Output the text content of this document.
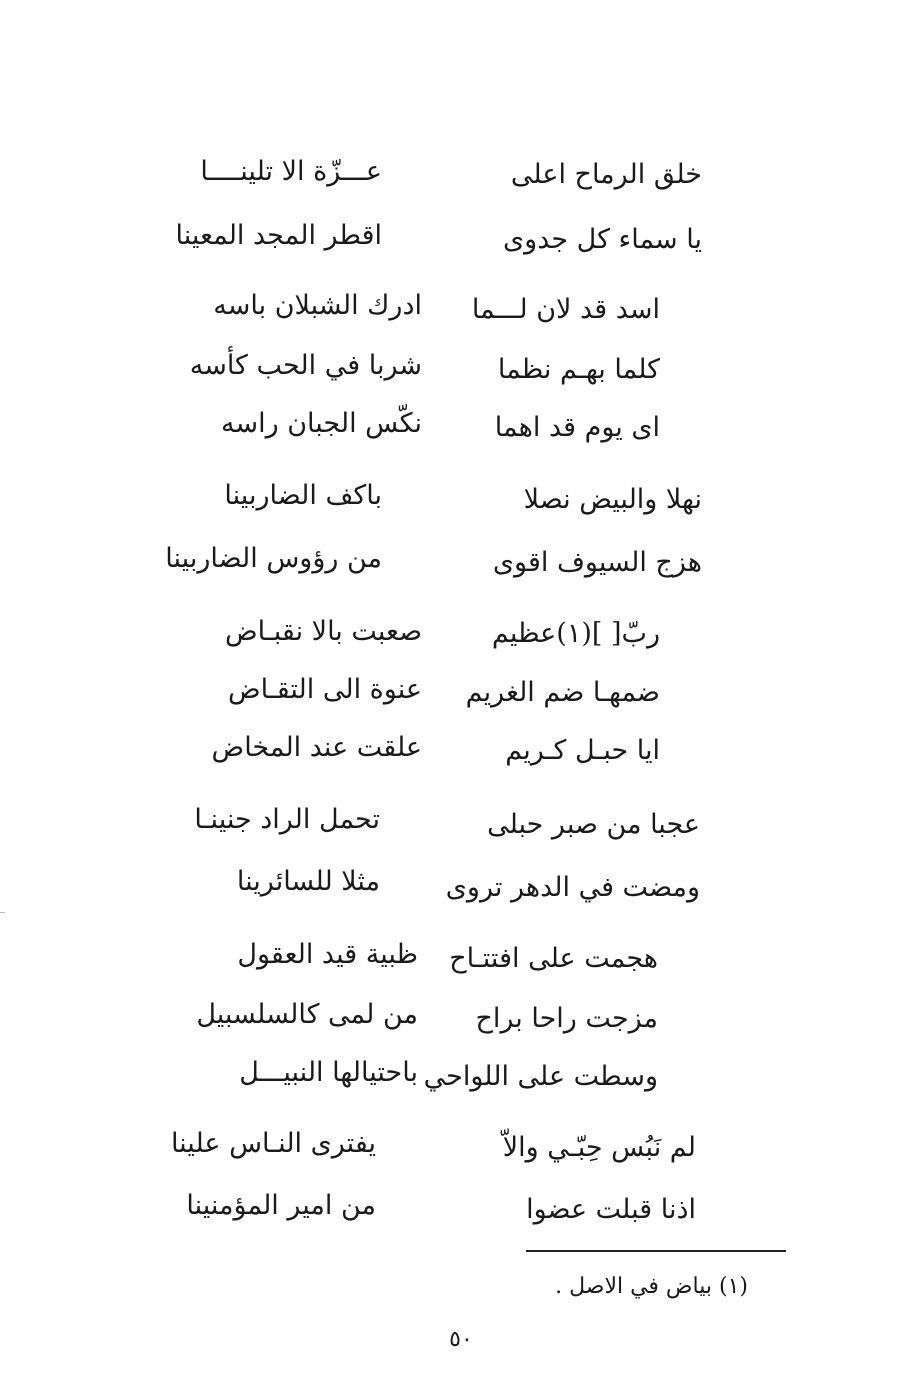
خلق الرماح اعلى
عـــزّة الا تلينــــا
يا سماء كل جدوى
اقطر المجد المعينا
اسد قد لان لـــما
ادرك الشبلان باسه
كلما بهـم نظما
شربا في الحب كأسه
اى يوم قد اهما
نكّس الجبان راسه
نهلا والبيض نصلا
باكف الضاربينا
هزج السيوف اقوى
من رؤوس الضاربينا
ربّ[ ](١)عظيم
صعبت بالا نقبـاض
ضمهـا ضم الغريم
عنوة الى التقـاض
ايا حبـل كـريم
علقت عند المخاض
عجبا من صبر حبلى
تحمل الراد جنينـا
ومضت في الدهر تروى
مثلا للسائرينا
هجمت على افتتـاح
ظبية قيد العقول
مزجت راحا براح
من لمى كالسلسبيل
وسطت على اللواحي
باحتيالها النبيـــل
لم نَبُس حِبّـي والاّ
يفترى النـاس علينا
اذنا قبلت عضوا
من امير المؤمنينا
(١) بياض في الاصل .
٥٠
